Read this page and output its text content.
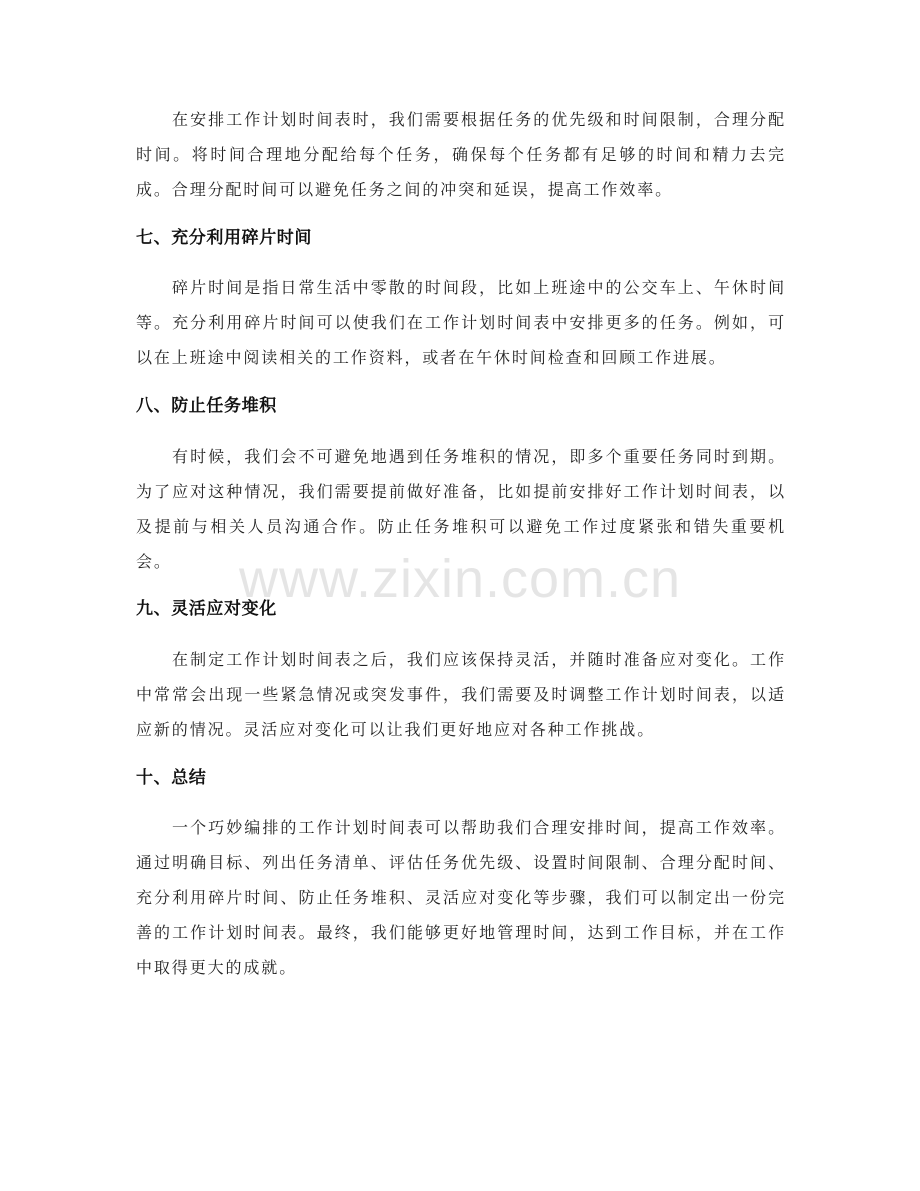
在安排工作计划时间表时，我们需要根据任务的优先级和时间限制，合理分配时间。将时间合理地分配给每个任务，确保每个任务都有足够的时间和精力去完成。合理分配时间可以避免任务之间的冲突和延误，提高工作效率。

七、充分利用碎片时间

碎片时间是指日常生活中零散的时间段，比如上班途中的公交车上、午休时间等。充分利用碎片时间可以使我们在工作计划时间表中安排更多的任务。例如，可以在上班途中阅读相关的工作资料，或者在午休时间检查和回顾工作进展。

八、防止任务堆积

有时候，我们会不可避免地遇到任务堆积的情况，即多个重要任务同时到期。为了应对这种情况，我们需要提前做好准备，比如提前安排好工作计划时间表，以及提前与相关人员沟通合作。防止任务堆积可以避免工作过度紧张和错失重要机会。

九、灵活应对变化

在制定工作计划时间表之后，我们应该保持灵活，并随时准备应对变化。工作中常常会出现一些紧急情况或突发事件，我们需要及时调整工作计划时间表，以适应新的情况。灵活应对变化可以让我们更好地应对各种工作挑战。

十、总结

一个巧妙编排的工作计划时间表可以帮助我们合理安排时间，提高工作效率。通过明确目标、列出任务清单、评估任务优先级、设置时间限制、合理分配时间、充分利用碎片时间、防止任务堆积、灵活应对变化等步骤，我们可以制定出一份完善的工作计划时间表。最终，我们能够更好地管理时间，达到工作目标，并在工作中取得更大的成就。

www.zixin.com.cn
